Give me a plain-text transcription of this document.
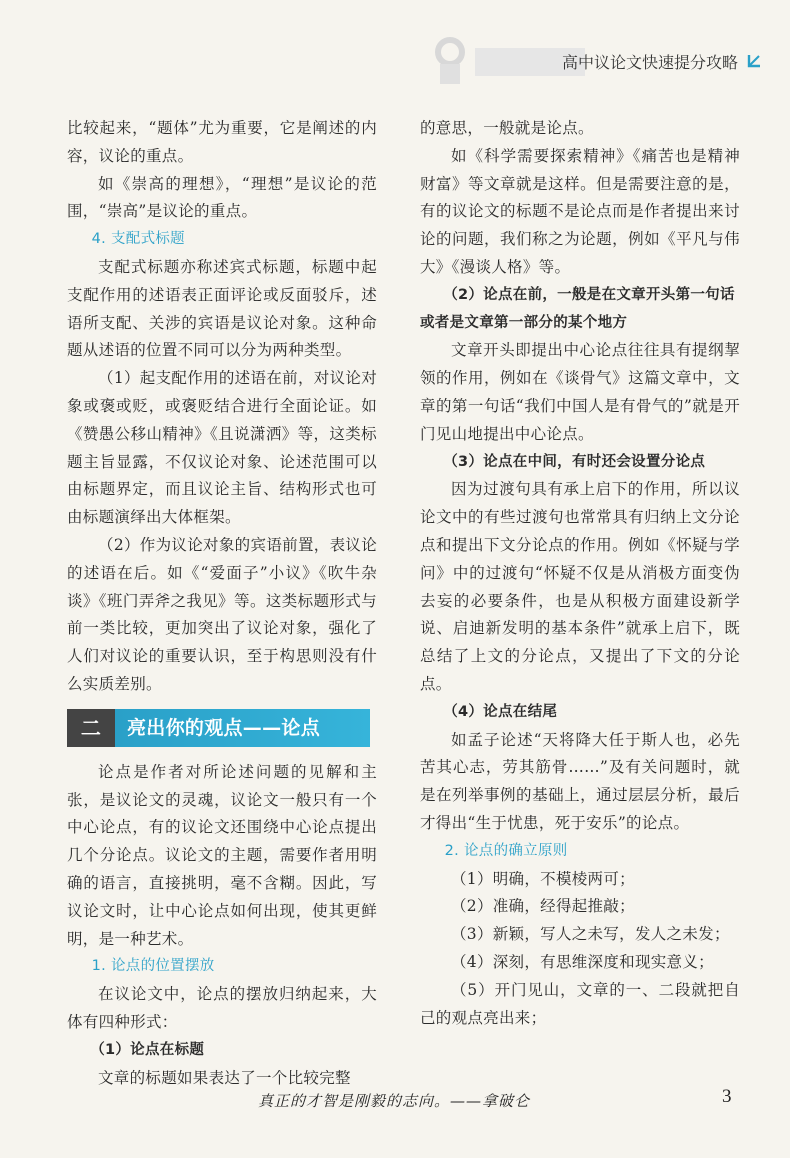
高中议论文快速提分攻略

比较起来，“题体”尤为重要，它是阐述的内容，议论的重点。

如《崇高的理想》，“理想”是议论的范围，“崇高”是议论的重点。

4. 支配式标题

支配式标题亦称述宾式标题，标题中起支配作用的述语表正面评论或反面驳斥，述语所支配、关涉的宾语是议论对象。这种命题从述语的位置不同可以分为两种类型。

（1）起支配作用的述语在前，对议论对象或褒或贬，或褒贬结合进行全面论证。如《赞愚公移山精神》《且说潇洒》等，这类标题主旨显露，不仅议论对象、论述范围可以由标题界定，而且议论主旨、结构形式也可由标题演绎出大体框架。

（2）作为议论对象的宾语前置，表议论的述语在后。如《“爱面子”小议》《吹牛杂谈》《班门弄斧之我见》等。这类标题形式与前一类比较，更加突出了议论对象，强化了人们对议论的重要认识，至于构思则没有什么实质差别。

二	亮出你的观点——论点

论点是作者对所论述问题的见解和主张，是议论文的灵魂，议论文一般只有一个中心论点，有的议论文还围绕中心论点提出几个分论点。议论文的主题，需要作者用明确的语言，直接挑明，毫不含糊。因此，写议论文时，让中心论点如何出现，使其更鲜明，是一种艺术。

1. 论点的位置摆放

在议论文中，论点的摆放归纳起来，大体有四种形式：

（1）论点在标题

文章的标题如果表达了一个比较完整

的意思，一般就是论点。

如《科学需要探索精神》《痛苦也是精神财富》等文章就是这样。但是需要注意的是，有的议论文的标题不是论点而是作者提出来讨论的问题，我们称之为论题，例如《平凡与伟大》《漫谈人格》等。

（2）论点在前，一般是在文章开头第一句话或者是文章第一部分的某个地方

文章开头即提出中心论点往往具有提纲挈领的作用，例如在《谈骨气》这篇文章中，文章的第一句话“我们中国人是有骨气的”就是开门见山地提出中心论点。

（3）论点在中间，有时还会设置分论点

因为过渡句具有承上启下的作用，所以议论文中的有些过渡句也常常具有归纳上文分论点和提出下文分论点的作用。例如《怀疑与学问》中的过渡句“怀疑不仅是从消极方面变伪去妄的必要条件，也是从积极方面建设新学说、启迪新发明的基本条件”就承上启下，既总结了上文的分论点，又提出了下文的分论点。

（4）论点在结尾

如孟子论述“天将降大任于斯人也，必先苦其心志，劳其筋骨……”及有关问题时，就是在列举事例的基础上，通过层层分析，最后才得出“生于忧患，死于安乐”的论点。

2. 论点的确立原则

（1）明确，不模棱两可；

（2）准确，经得起推敲；

（3）新颖，写人之未写，发人之未发；

（4）深刻，有思维深度和现实意义；

（5）开门见山，文章的一、二段就把自己的观点亮出来；

真正的才智是刚毅的志向。——拿破仑	3
